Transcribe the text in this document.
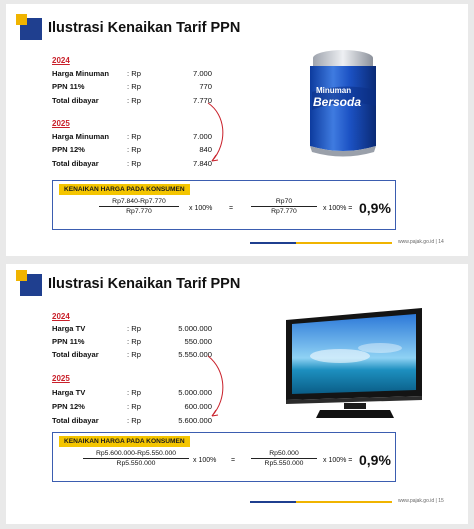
Ilustrasi Kenaikan Tarif PPN
2024
Harga Minuman : Rp	7.000
PPN 11%	: Rp	770
Total dibayar	: Rp	7.770
2025
Harga Minuman : Rp	7.000
PPN 12%	: Rp	840
Total dibayar	: Rp	7.840
Minuman
Bersoda
KENAIKAN HARGA PADA KONSUMEN
$\frac{Rp7.840-Rp7.770}{Rp7.770}$ x 100% =	$\frac{Rp70}{Rp7.770}$ x 100% = 0,9%
www.pajak.go.id | 14
Ilustrasi Kenaikan Tarif PPN
2024
Harga TV	: Rp	5.000.000
PPN 11%	: Rp	550.000
Total dibayar	: Rp	5.550.000
2025
Harga TV	: Rp	5.000.000
PPN 12%	: Rp	600.000
Total dibayar	: Rp	5.600.000
KENAIKAN HARGA PADA KONSUMEN
$\frac{Rp5.600.000-Rp5.550.000}{Rp5.550.000}$ x $100\% = \frac{Rp50.000}{Rp5.550.000}$ x 100% = 0,9%
www.pajak.go.id | 15
